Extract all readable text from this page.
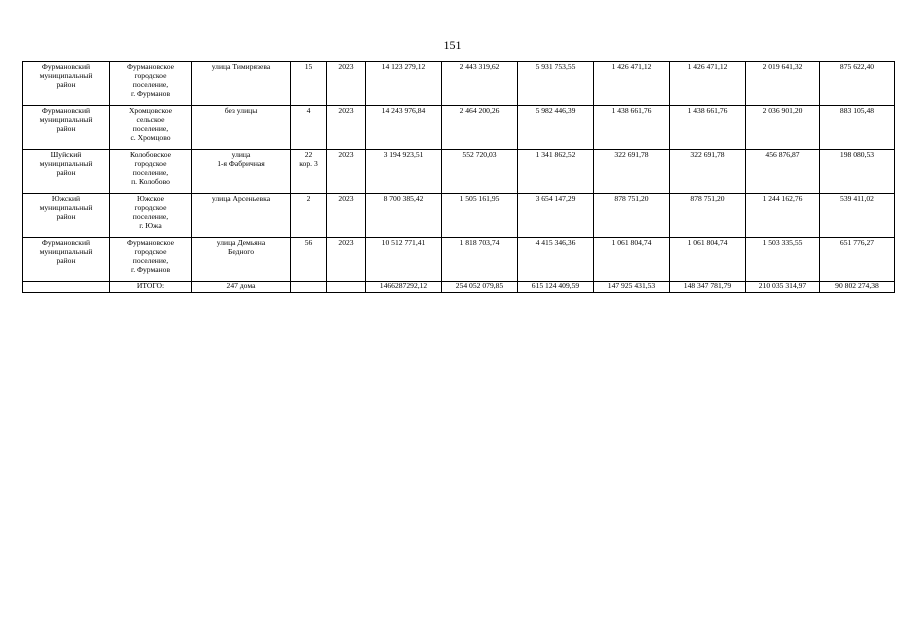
151
Фурмановский
муниципальный
район	Фурмановское
городское
поселение,
г. Фурманов	улица Тимирязева	15	2023	14 123 279,12	2 443 319,62	5 931 753,55	1 426 471,12	1 426 471,12	2 019 641,32	875 622,40
Фурмановский
муниципальный
район	Хромцовское
сельское
поселение,
с. Хромцово	без улицы	4	2023	14 243 976,84	2 464 200,26	5 982 446,39	1 438 661,76	1 438 661,76	2 036 901,20	883 105,48
Шуйский
муниципальный
район	Колобовское
городское
поселение,
п. Колобово	улица
1-я Фабричная	22
кор. 3	2023	3 194 923,51	552 720,03	1 341 862,52	322 691,78	322 691,78	456 876,87	198 080,53
Южский
муниципальный
район	Южское
городское
поселение,
г. Южа	улица Арсеньевка	2	2023	8 700 385,42	1 505 161,95	3 654 147,29	878 751,20	878 751,20	1 244 162,76	539 411,02
Фурмановский
муниципальный
район	Фурмановское
городское
поселение,
г. Фурманов	улица Демьяна
Бедного	56	2023	10 512 771,41	1 818 703,74	4 415 346,36	1 061 804,74	1 061 804,74	1 503 335,55	651 776,27
	ИТОГО:	247 дома			1466287292,12	254 052 079,85	615 124 409,59	147 925 431,53	148 347 781,79	210 035 314,97	90 802 274,38
